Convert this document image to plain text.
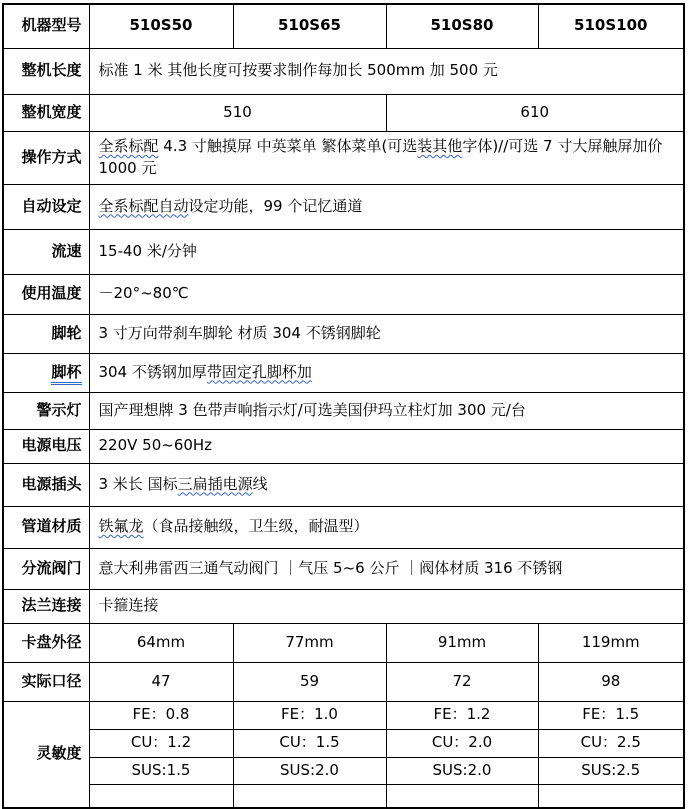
机器型号	510S50	510S65	510S80	510S100
整机长度	标准 1 米 其他长度可按要求制作每加长 500mm 加 500 元			
整机宽度	510		610	
操作方式	全系标配 4.3 寸触摸屏 中英菜单 繁体菜单(可选装其他字体)//可选 7 寸大屏触屏加价 1000 元			
自动设定	全系标配自动设定功能，99 个记忆通道			
流速	15-40 米/分钟			
使用温度	－20°~80℃			
脚轮	3 寸万向带刹车脚轮 材质 304 不锈钢脚轮			
脚杯	304 不锈钢加厚带固定孔脚杯加			
警示灯	国产理想牌 3 色带声响指示灯/可选美国伊玛立柱灯加 300 元/台			
电源电压	220V 50~60Hz			
电源插头	3 米长 国标三扁插电源线			
管道材质	铁氟龙（食品接触级，卫生级，耐温型）			
分流阀门	意大利弗雷西三通气动阀门 ｜气压 5~6 公斤 ｜阀体材质 316 不锈钢			
法兰连接	卡箍连接			
卡盘外径	64mm	77mm	91mm	119mm
实际口径	47	59	72	98
灵敏度	FE：0.8	FE：1.0	FE：1.2	FE：1.5
	CU：1.2	CU：1.5	CU：2.0	CU：2.5
	SUS:1.5	SUS:2.0	SUS:2.0	SUS:2.5
